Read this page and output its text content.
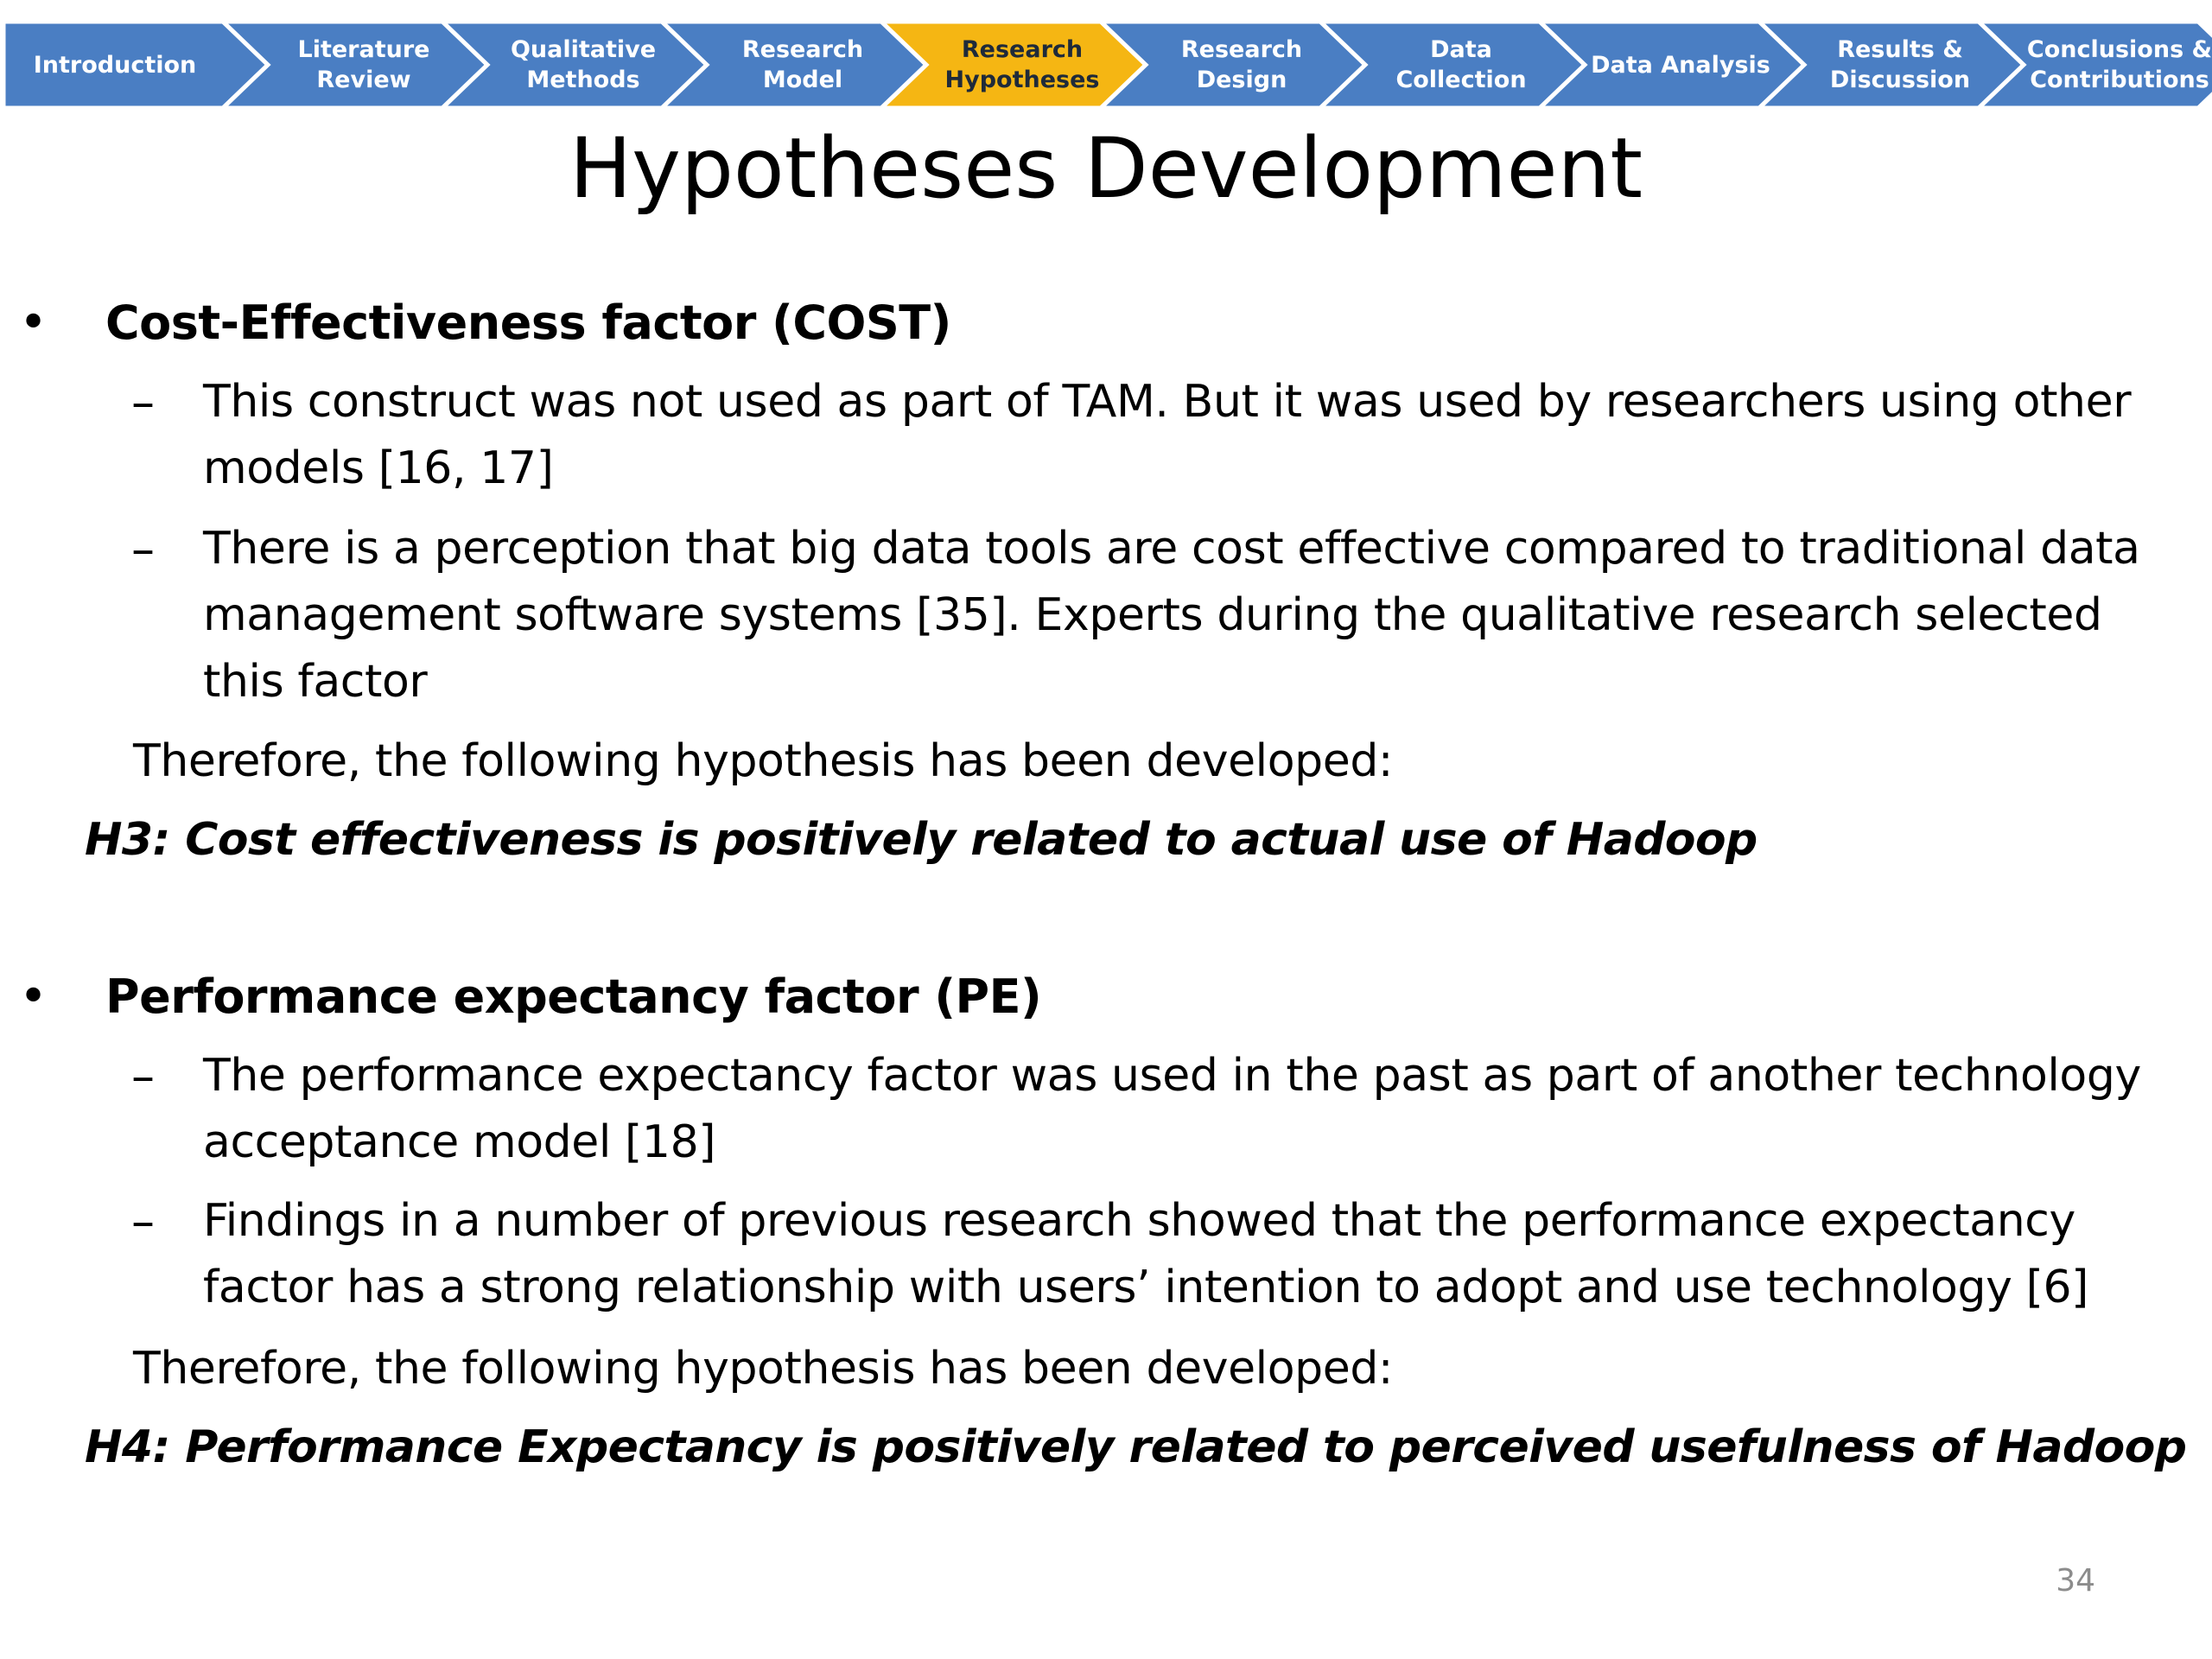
Introduction
Literature
Review
Qualitative
Methods
Research
Model
Research
Hypotheses
Research
Design
Data
Collection
Data Analysis
Results &
Discussion
Conclusions &
Contributions
Hypotheses Development
• Cost-Effectiveness factor (COST)
– This construct was not used as part of TAM. But it was used by researchers using other
models [16, 17]
– There is a perception that big data tools are cost effective compared to traditional data
management software systems [35]. Experts during the qualitative research selected
this factor
Therefore, the following hypothesis has been developed:
H3: Cost effectiveness is positively related to actual use of Hadoop
• Performance expectancy factor (PE)
– The performance expectancy factor was used in the past as part of another technology
acceptance model [18]
– Findings in a number of previous research showed that the performance expectancy
factor has a strong relationship with users’ intention to adopt and use technology [6]
Therefore, the following hypothesis has been developed:
H4: Performance Expectancy is positively related to perceived usefulness of Hadoop
34
